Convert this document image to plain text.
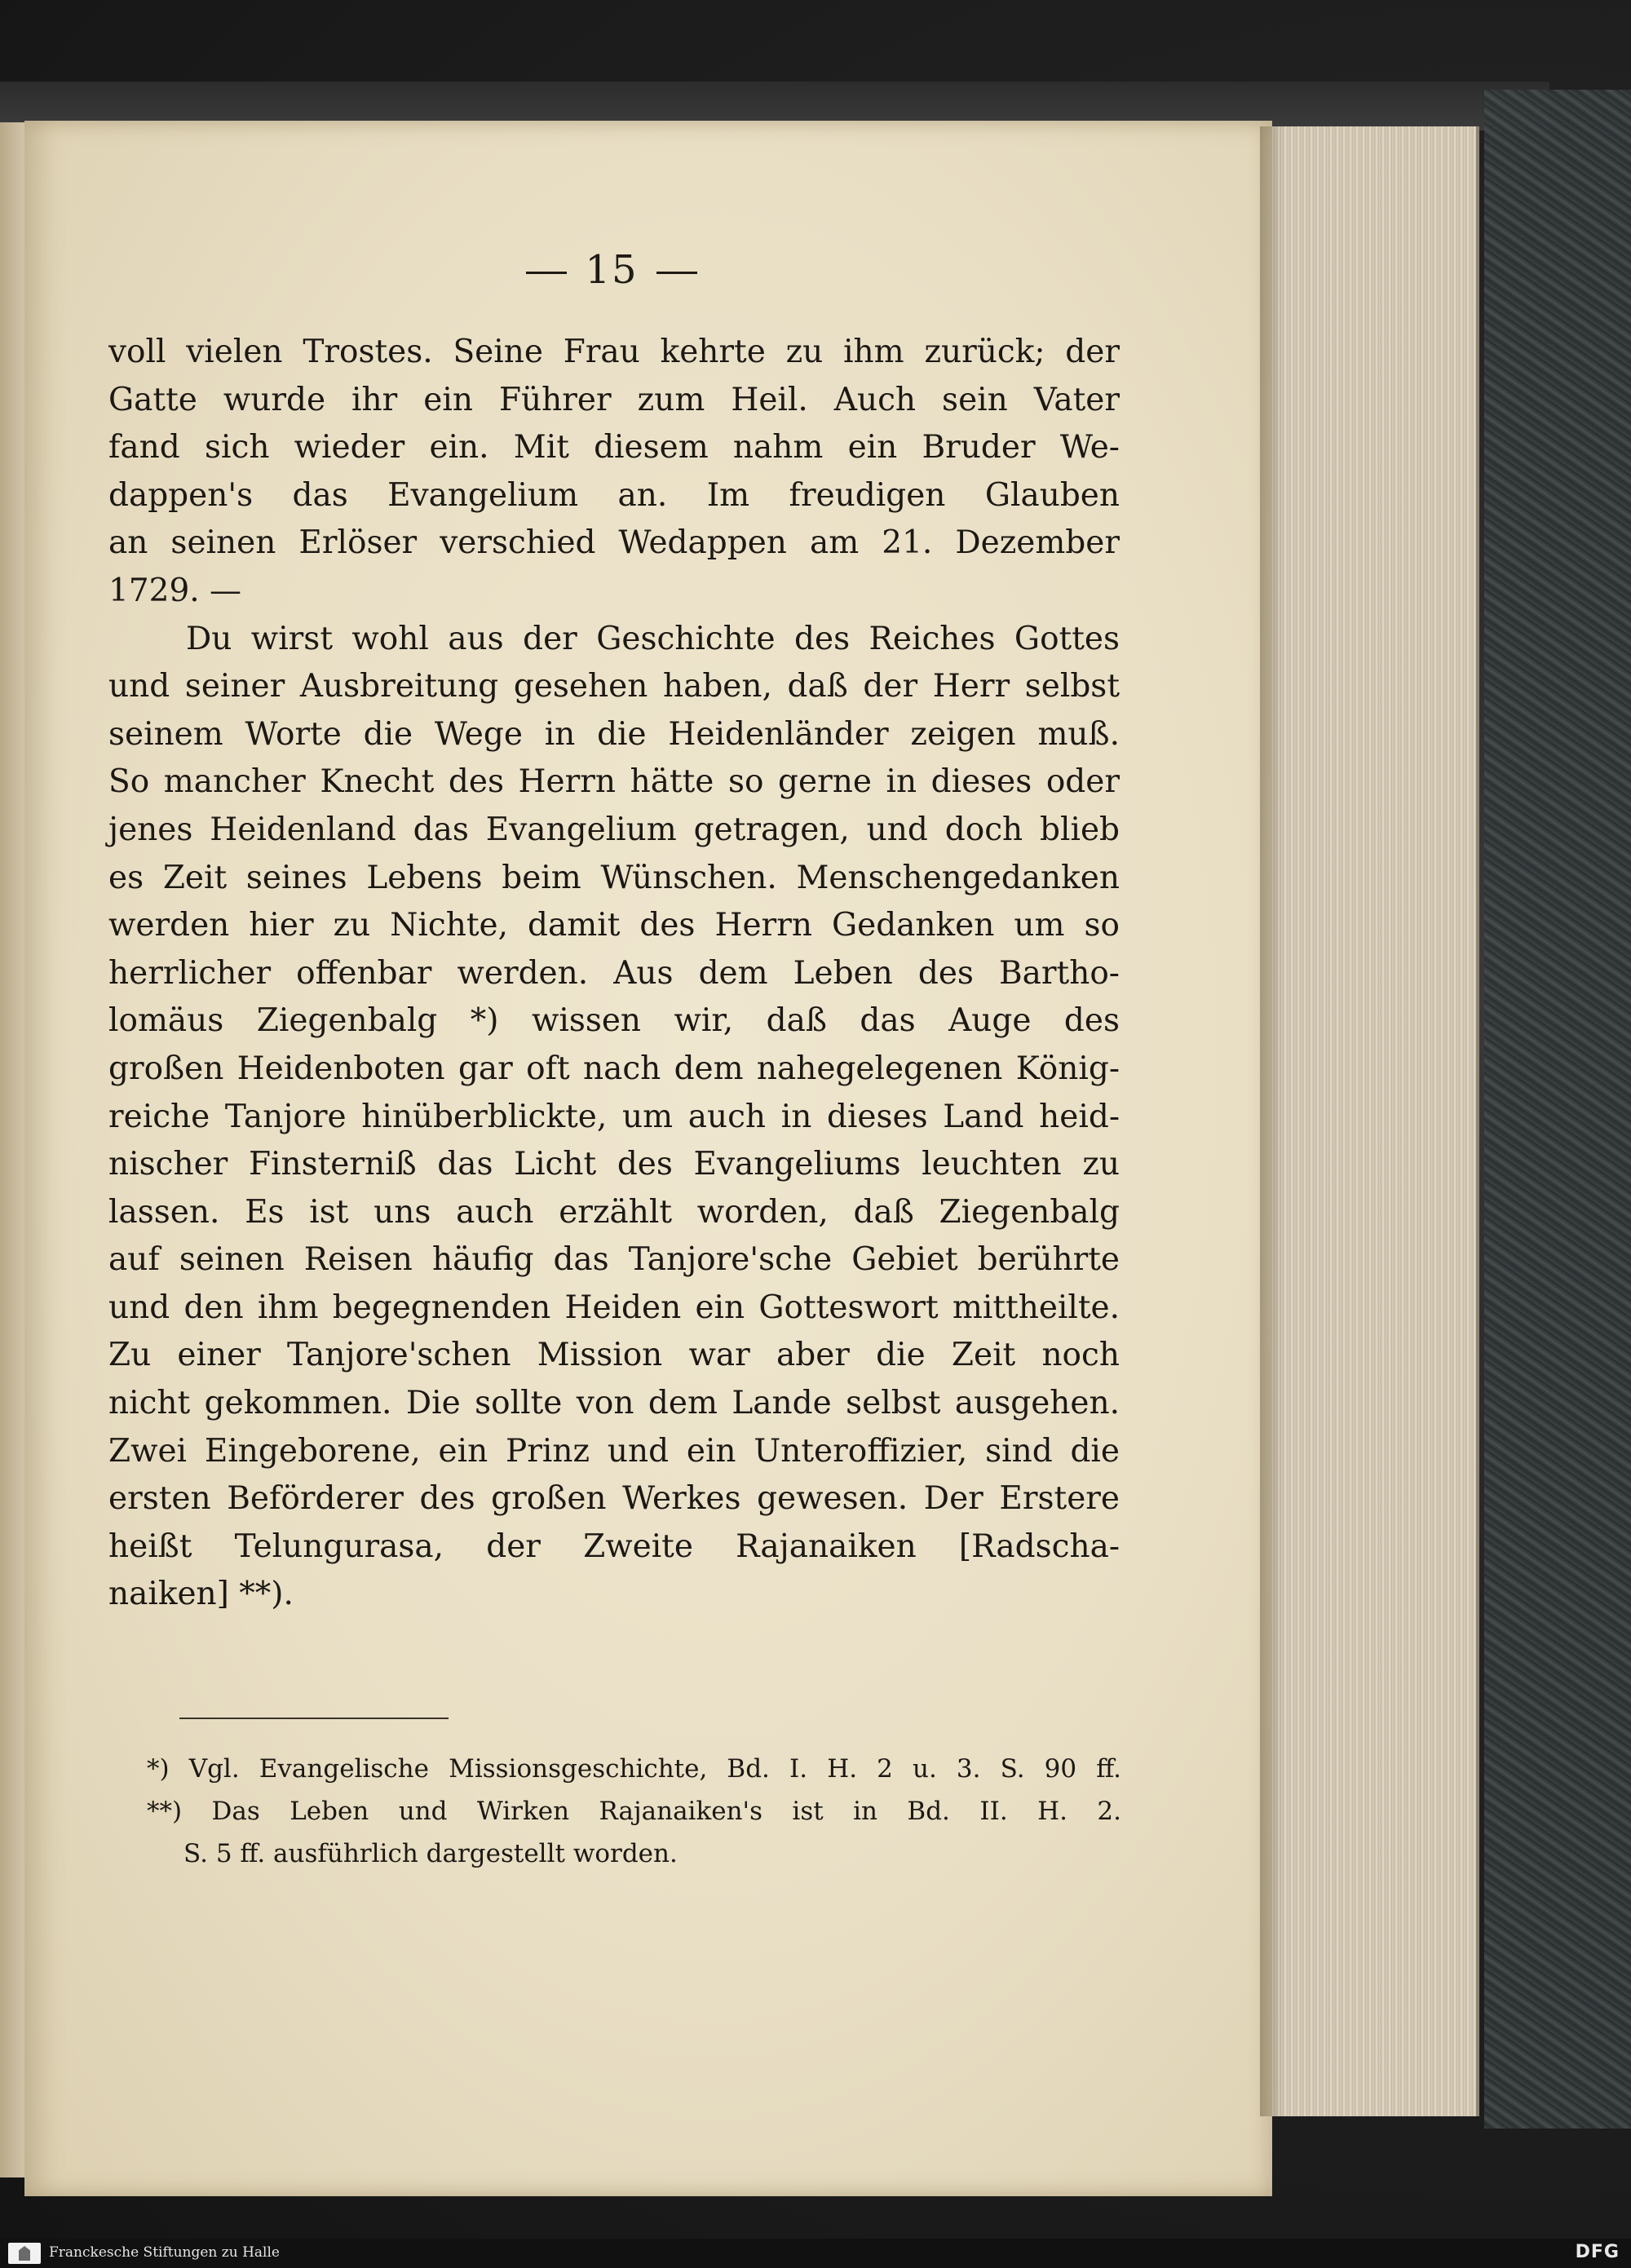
15
voll vielen Trostes. Seine Frau kehrte zu ihm zurück; der
Gatte wurde ihr ein Führer zum Heil. Auch sein Vater
fand sich wieder ein. Mit diesem nahm ein Bruder We-
dappen's das Evangelium an. Im freudigen Glauben
an seinen Erlöser verschied Wedappen am 21. Dezember
1729. —
Du wirst wohl aus der Geschichte des Reiches Gottes
und seiner Ausbreitung gesehen haben, daß der Herr selbst
seinem Worte die Wege in die Heidenländer zeigen muß.
So mancher Knecht des Herrn hätte so gerne in dieses oder
jenes Heidenland das Evangelium getragen, und doch blieb
es Zeit seines Lebens beim Wünschen. Menschengedanken
werden hier zu Nichte, damit des Herrn Gedanken um so
herrlicher offenbar werden. Aus dem Leben des Bartho-
lomäus Ziegenbalg *) wissen wir, daß das Auge des
großen Heidenboten gar oft nach dem nahegelegenen König-
reiche Tanjore hinüberblickte, um auch in dieses Land heid-
nischer Finsterniß das Licht des Evangeliums leuchten zu
lassen. Es ist uns auch erzählt worden, daß Ziegenbalg
auf seinen Reisen häufig das Tanjore'sche Gebiet berührte
und den ihm begegnenden Heiden ein Gotteswort mittheilte.
Zu einer Tanjore'schen Mission war aber die Zeit noch
nicht gekommen. Die sollte von dem Lande selbst ausgehen.
Zwei Eingeborene, ein Prinz und ein Unteroffizier, sind die
ersten Beförderer des großen Werkes gewesen. Der Erstere
heißt Telungurasa, der Zweite Rajanaiken [Radscha-
naiken] **).
*) Vgl. Evangelische Missionsgeschichte, Bd. I. H. 2 u. 3. S. 90 ff.
**) Das Leben und Wirken Rajanaiken's ist in Bd. II. H. 2.
S. 5 ff. ausführlich dargestellt worden.
Franckesche Stiftungen zu Halle	DFG
